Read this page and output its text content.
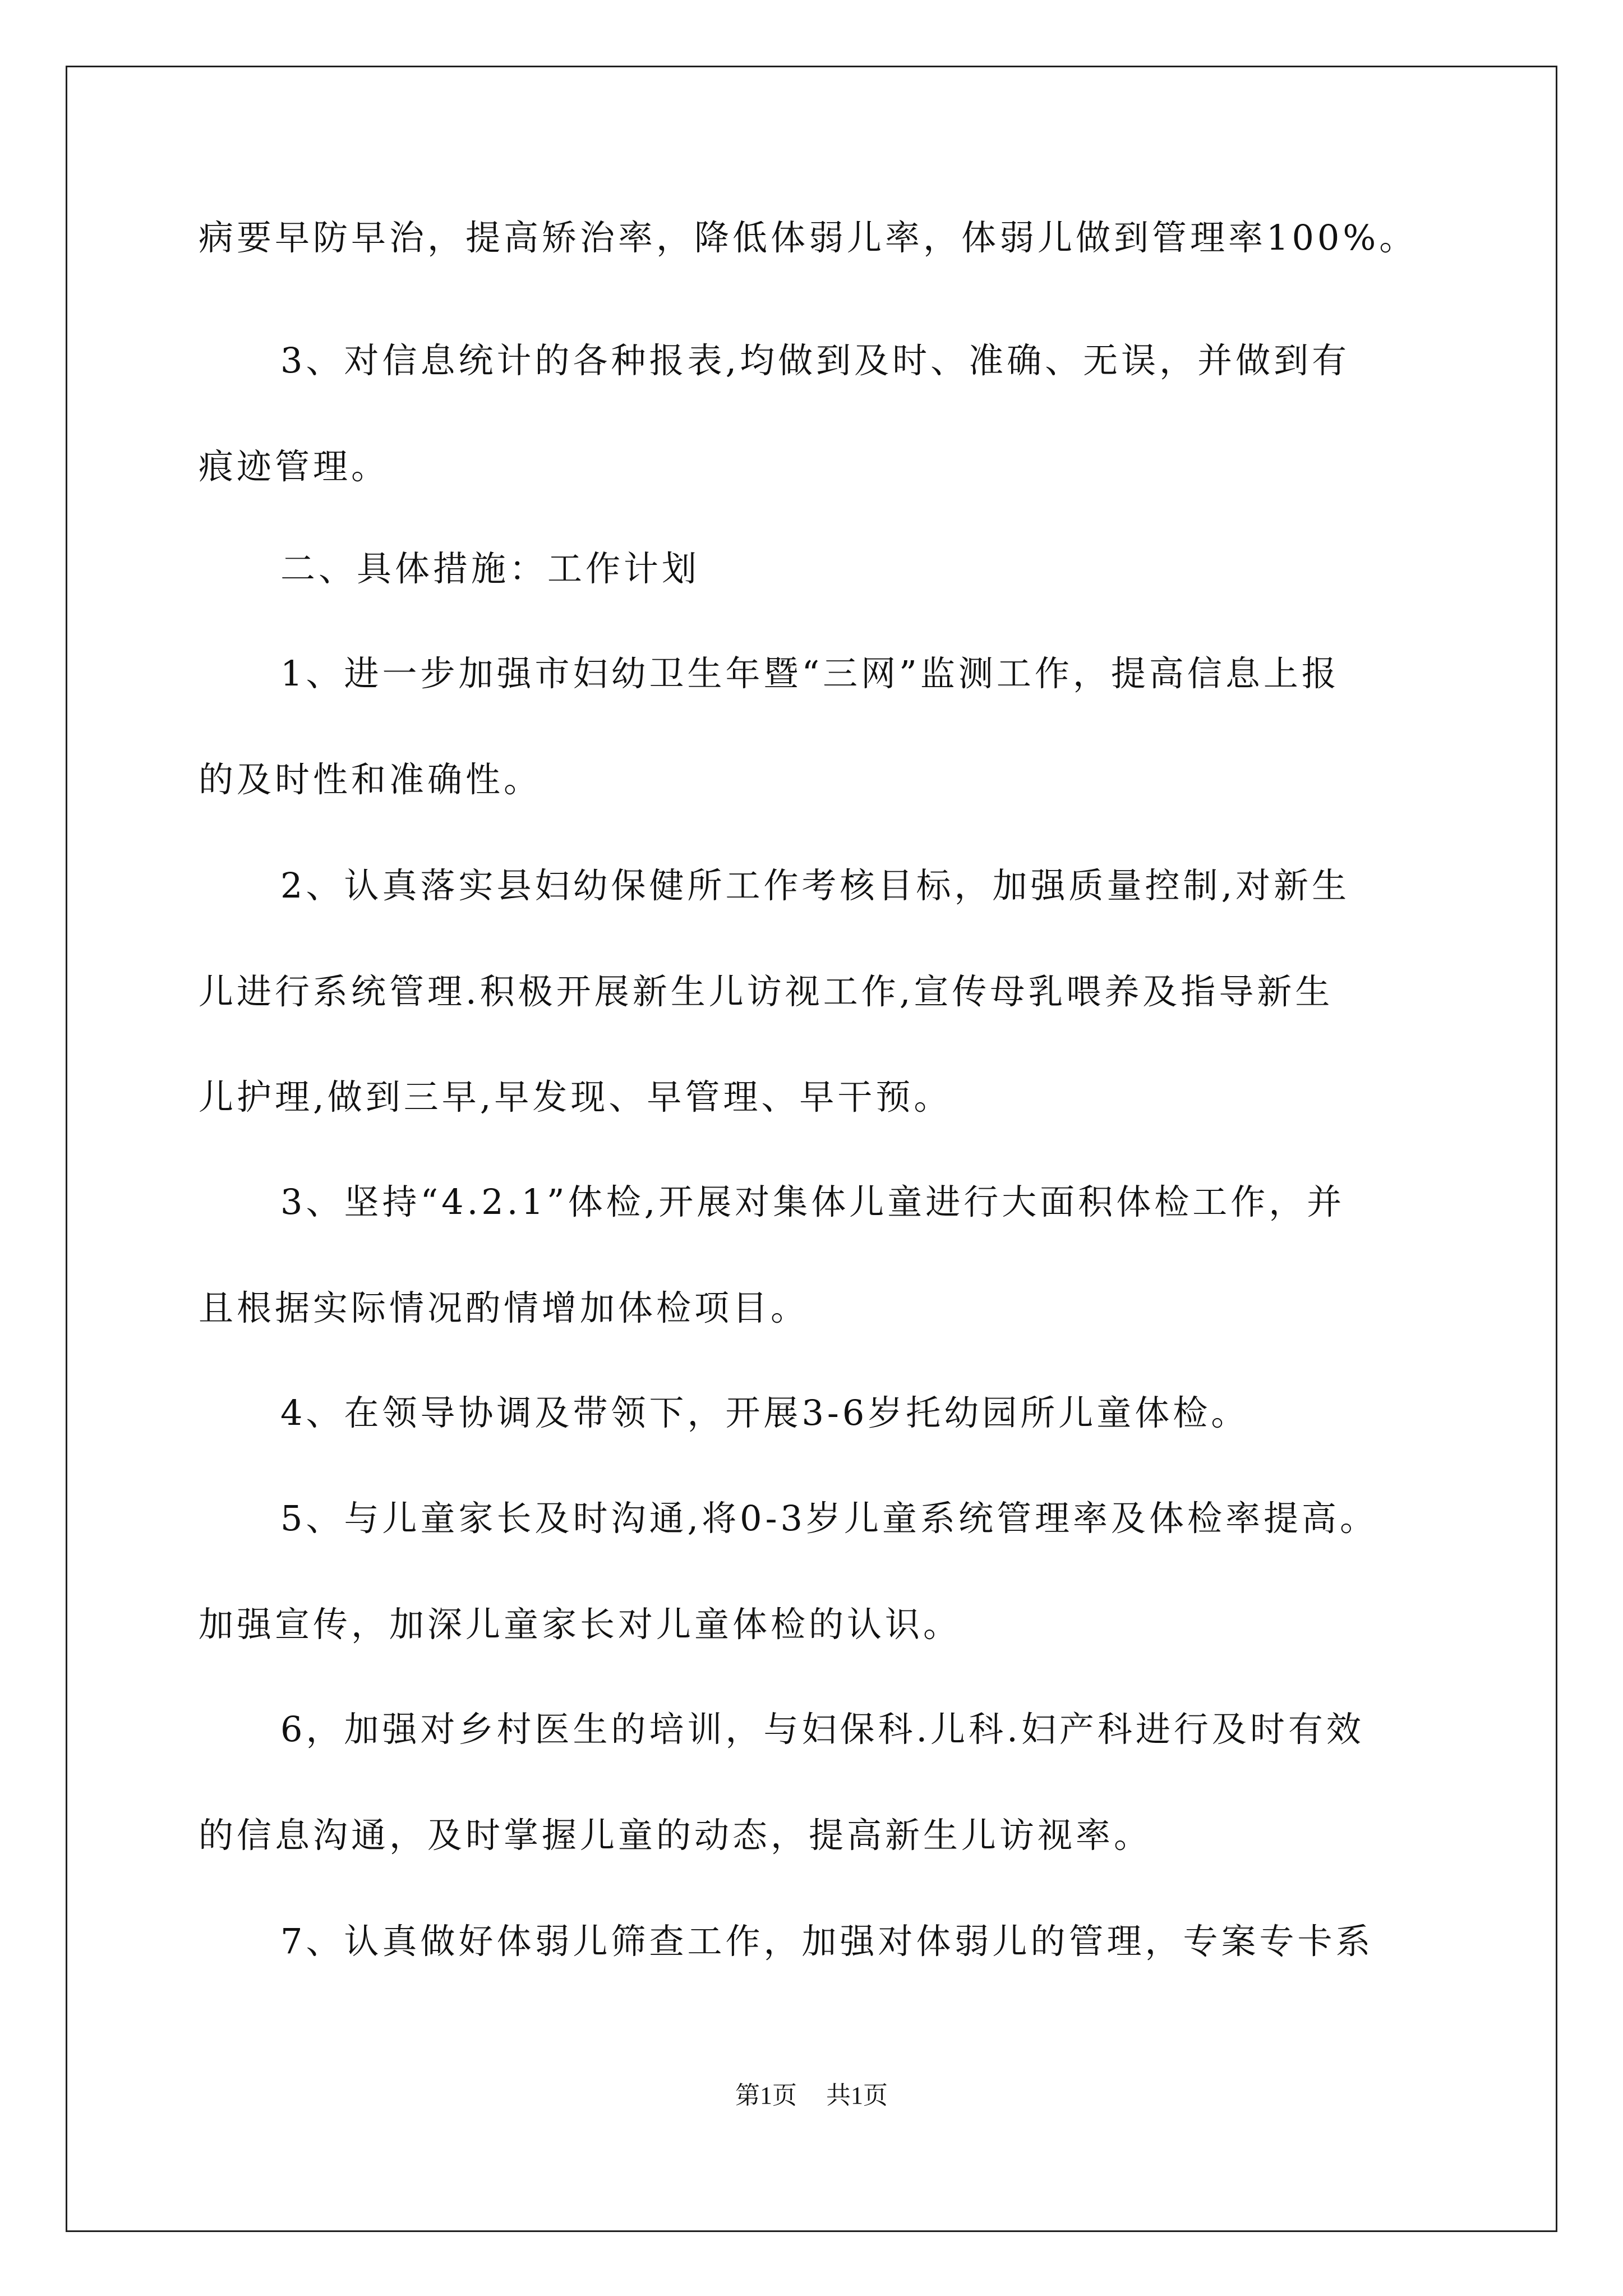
病要早防早治，提高矫治率，降低体弱儿率，体弱儿做到管理率100%。
3、对信息统计的各种报表,均做到及时、准确、无误，并做到有
痕迹管理。
二、具体措施：工作计划
1、进一步加强市妇幼卫生年暨“三网”监测工作，提高信息上报
的及时性和准确性。
2、认真落实县妇幼保健所工作考核目标，加强质量控制,对新生
儿进行系统管理.积极开展新生儿访视工作,宣传母乳喂养及指导新生
儿护理,做到三早,早发现、早管理、早干预。
3、坚持“4.2.1”体检,开展对集体儿童进行大面积体检工作，并
且根据实际情况酌情增加体检项目。
4、在领导协调及带领下，开展3-6岁托幼园所儿童体检。
5、与儿童家长及时沟通,将0-3岁儿童系统管理率及体检率提高。
加强宣传，加深儿童家长对儿童体检的认识。
6，加强对乡村医生的培训，与妇保科.儿科.妇产科进行及时有效
的信息沟通，及时掌握儿童的动态，提高新生儿访视率。
7、认真做好体弱儿筛查工作，加强对体弱儿的管理，专案专卡系
第1页 共1页
